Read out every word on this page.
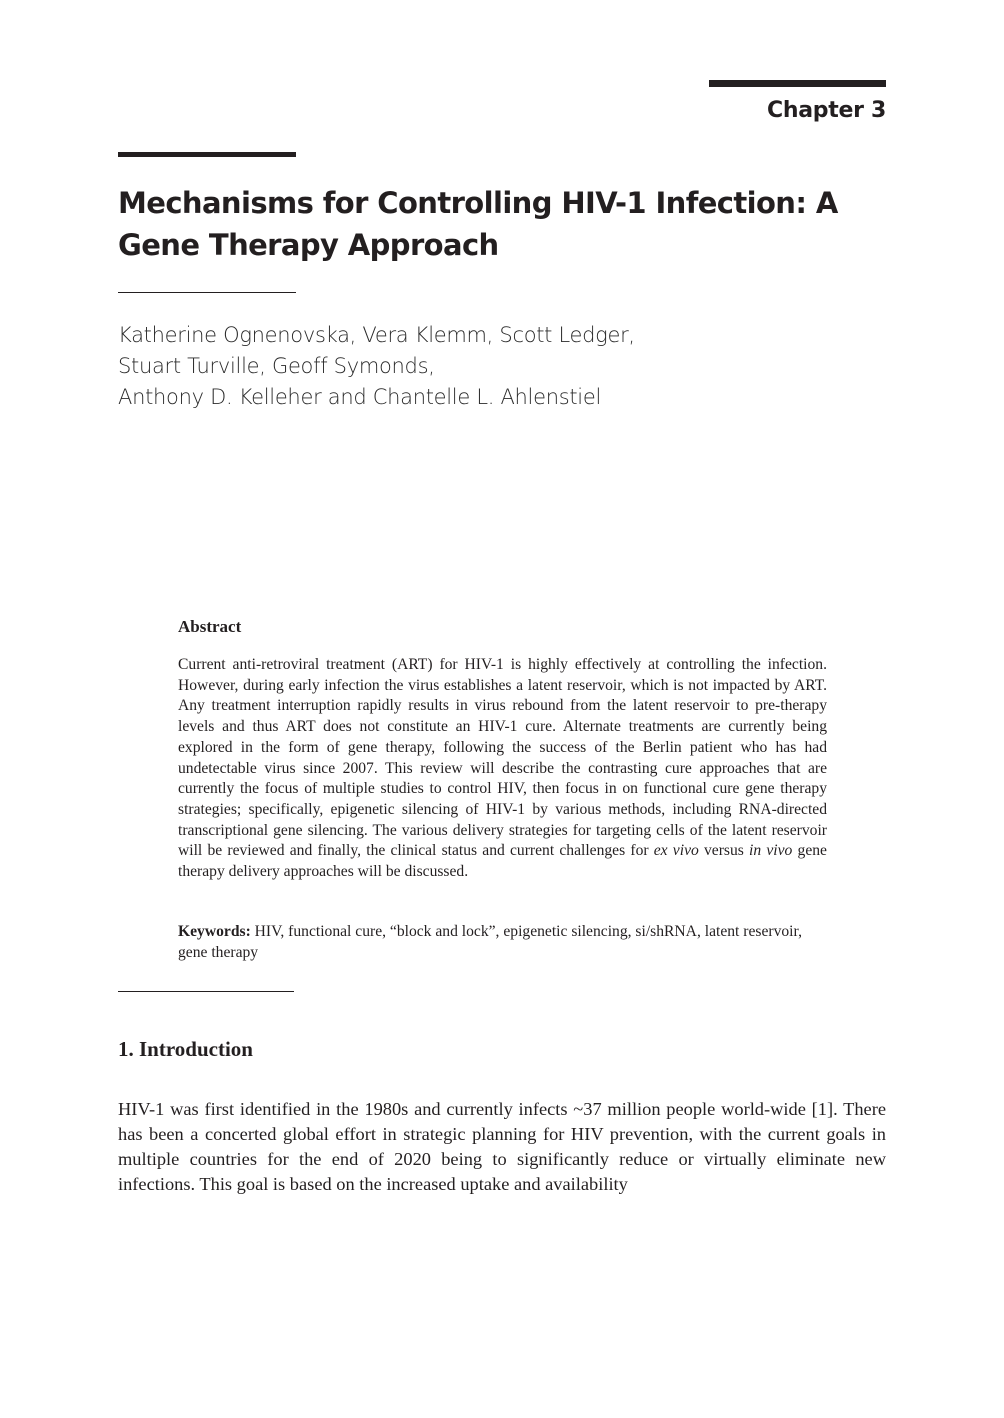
Chapter 3
Mechanisms for Controlling HIV-1 Infection: A Gene Therapy Approach
Katherine Ognenovska, Vera Klemm, Scott Ledger,
Stuart Turville, Geoff Symonds,
Anthony D. Kelleher and Chantelle L. Ahlenstiel
Abstract

Current anti-retroviral treatment (ART) for HIV-1 is highly effectively at controlling the infection. However, during early infection the virus establishes a latent reservoir, which is not impacted by ART. Any treatment interruption rapidly results in virus rebound from the latent reservoir to pre-therapy levels and thus ART does not constitute an HIV-1 cure. Alternate treatments are currently being explored in the form of gene therapy, following the success of the Berlin patient who has had undetectable virus since 2007. This review will describe the contrasting cure approaches that are currently the focus of multiple studies to control HIV, then focus in on functional cure gene therapy strategies; specifically, epigenetic silencing of HIV-1 by various methods, including RNA-directed transcriptional gene silencing. The various delivery strategies for targeting cells of the latent reservoir will be reviewed and finally, the clinical status and current challenges for ex vivo versus in vivo gene therapy delivery approaches will be discussed.

Keywords: HIV, functional cure, “block and lock”, epigenetic silencing, si/shRNA, latent reservoir, gene therapy

1. Introduction

HIV-1 was first identified in the 1980s and currently infects ~37 million people world-wide [1]. There has been a concerted global effort in strategic planning for HIV prevention, with the current goals in multiple countries for the end of 2020 being to significantly reduce or virtually eliminate new infections. This goal is based on the increased uptake and availability
